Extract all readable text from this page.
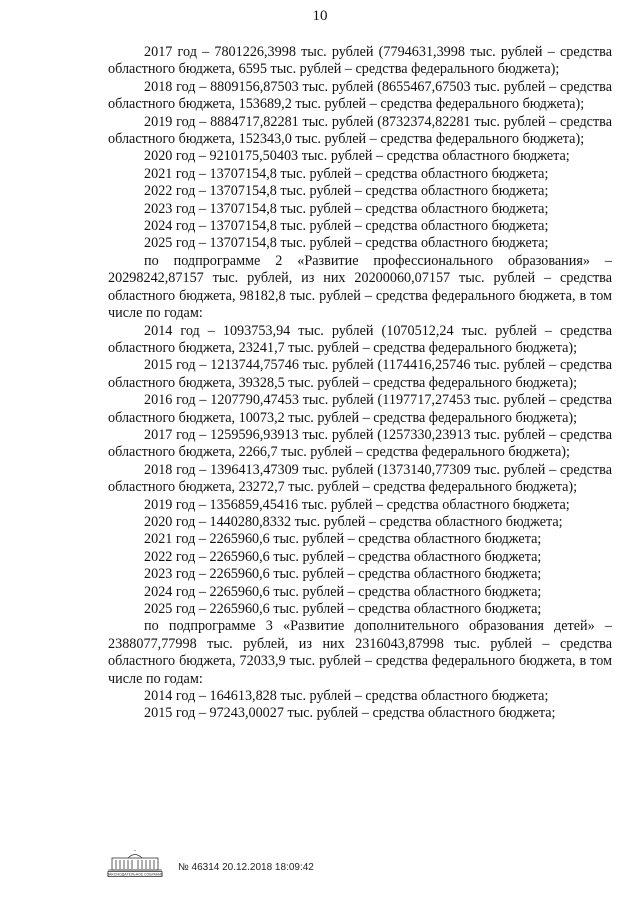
10

2017 год – 7801226,3998 тыс. рублей (7794631,3998 тыс. рублей – средства областного бюджета, 6595 тыс. рублей – средства федерального бюджета);

2018 год – 8809156,87503 тыс. рублей (8655467,67503 тыс. рублей – средства областного бюджета, 153689,2 тыс. рублей – средства федерального бюджета);

2019 год – 8884717,82281 тыс. рублей (8732374,82281 тыс. рублей – средства областного бюджета, 152343,0 тыс. рублей – средства федерального бюджета);

2020 год – 9210175,50403 тыс. рублей – средства областного бюджета;

2021 год – 13707154,8 тыс. рублей – средства областного бюджета;

2022 год – 13707154,8 тыс. рублей – средства областного бюджета;

2023 год – 13707154,8 тыс. рублей – средства областного бюджета;

2024 год – 13707154,8 тыс. рублей – средства областного бюджета;

2025 год – 13707154,8 тыс. рублей – средства областного бюджета;

по подпрограмме 2 «Развитие профессионального образования» – 20298242,87157 тыс. рублей, из них 20200060,07157 тыс. рублей – средства областного бюджета, 98182,8 тыс. рублей – средства федерального бюджета, в том числе по годам:

2014 год – 1093753,94 тыс. рублей (1070512,24 тыс. рублей – средства областного бюджета, 23241,7 тыс. рублей – средства федерального бюджета);

2015 год – 1213744,75746 тыс. рублей (1174416,25746 тыс. рублей – средства областного бюджета, 39328,5 тыс. рублей – средства федерального бюджета);

2016 год – 1207790,47453 тыс. рублей (1197717,27453 тыс. рублей – средства областного бюджета, 10073,2 тыс. рублей – средства федерального бюджета);

2017 год – 1259596,93913 тыс. рублей (1257330,23913 тыс. рублей – средства областного бюджета, 2266,7 тыс. рублей – средства федерального бюджета);

2018 год – 1396413,47309 тыс. рублей (1373140,77309 тыс. рублей – средства областного бюджета, 23272,7 тыс. рублей – средства федерального бюджета);

2019 год – 1356859,45416 тыс. рублей – средства областного бюджета;

2020 год – 1440280,8332 тыс. рублей – средства областного бюджета;

2021 год – 2265960,6 тыс. рублей – средства областного бюджета;

2022 год – 2265960,6 тыс. рублей – средства областного бюджета;

2023 год – 2265960,6 тыс. рублей – средства областного бюджета;

2024 год – 2265960,6 тыс. рублей – средства областного бюджета;

2025 год – 2265960,6 тыс. рублей – средства областного бюджета;

по подпрограмме 3 «Развитие дополнительного образования детей» – 2388077,77998 тыс. рублей, из них 2316043,87998 тыс. рублей – средства областного бюджета, 72033,9 тыс. рублей – средства федерального бюджета, в том числе по годам:

2014 год – 164613,828 тыс. рублей – средства областного бюджета;

2015 год – 97243,00027 тыс. рублей – средства областного бюджета;

ЗАКОНОДАТЕЛЬНОЕ СОБРАНИЕ
№ 46314 20.12.2018 18:09:42
